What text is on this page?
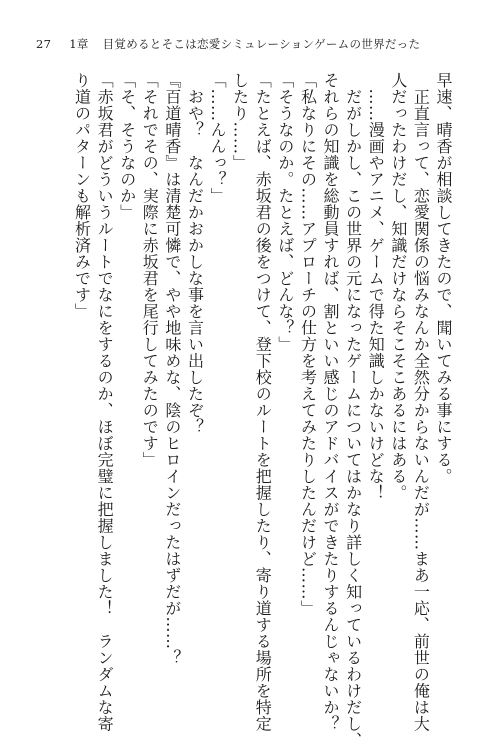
27 1章 目覚めるとそこは恋愛シミュレーションゲームの世界だった

早速、晴香が相談してきたので、聞いてみる事にする。

　正直言って、恋愛関係の悩みなんか全然分からないんだが……まあ一応、前世の俺は大

人だったわけだし、知識だけならそこそこあるにはある。

　……漫画やアニメ、ゲームで得た知識しかないけどな！

　だがしかし、この世界の元になったゲームについてはかなり詳しく知っているわけだし、

それらの知識を総動員すれば、割といい感じのアドバイスができたりするんじゃないか？

「私なりにその……アプローチの仕方を考えてみたりしたんだけど……」

「そうなのか。たとえば、どんな？」

「たとえば、赤坂君の後をつけて、登下校のルートを把握したり、寄り道する場所を特定

したり……」

「……んんっ？」

　おや？　なんだかおかしな事を言い出したぞ？

『百道晴香』は清楚可憐で、やや地味めな、陰のヒロインだったはずだが……？

「それでその、実際に赤坂君を尾行してみたのです」

「そ、そうなのか」

「赤坂君がどういうルートでなにをするのか、ほぼ完璧に把握しました！　ランダムな寄

り道のパターンも解析済みです」
